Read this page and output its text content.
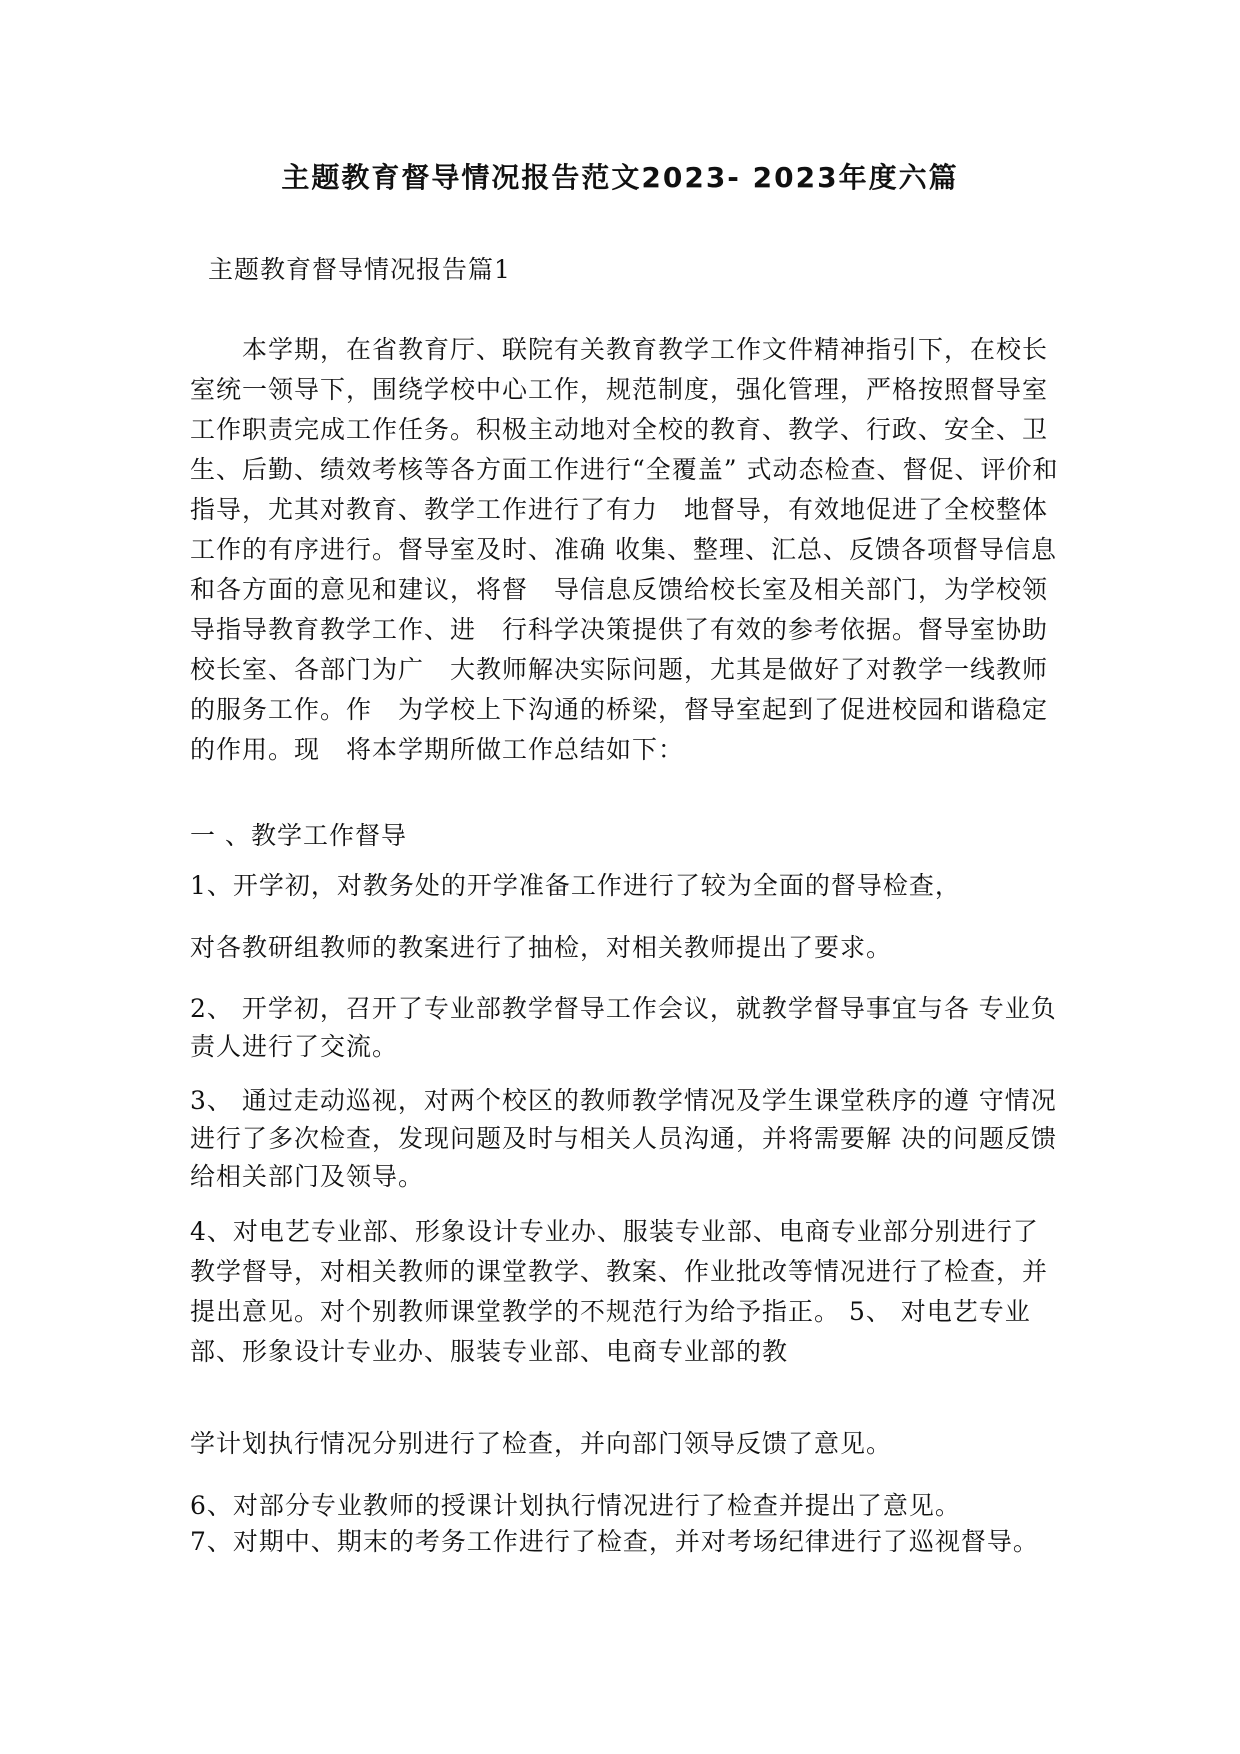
主题教育督导情况报告范文2023- 2023年度六篇
主题教育督导情况报告篇1
本学期，在省教育厅、联院有关教育教学工作文件精神指引下，在校长室统一领导下，围绕学校中心工作，规范制度，强化管理，严格按照督导室工作职责完成工作任务。积极主动地对全校的教育、教学、行政、安全、卫生、后勤、绩效考核等各方面工作进行“全覆盖” 式动态检查、督促、评价和指导，尤其对教育、教学工作进行了有力　地督导，有效地促进了全校整体工作的有序进行。督导室及时、准确 收集、整理、汇总、反馈各项督导信息和各方面的意见和建议，将督　导信息反馈给校长室及相关部门，为学校领导指导教育教学工作、进　行科学决策提供了有效的参考依据。督导室协助校长室、各部门为广　大教师解决实际问题，尤其是做好了对教学一线教师的服务工作。作　为学校上下沟通的桥梁，督导室起到了促进校园和谐稳定的作用。现　将本学期所做工作总结如下：
一 、教学工作督导
1、开学初，对教务处的开学准备工作进行了较为全面的督导检查，
对各教研组教师的教案进行了抽检，对相关教师提出了要求。
2、 开学初，召开了专业部教学督导工作会议，就教学督导事宜与各 专业负责人进行了交流。
3、 通过走动巡视，对两个校区的教师教学情况及学生课堂秩序的遵 守情况进行了多次检查，发现问题及时与相关人员沟通，并将需要解 决的问题反馈给相关部门及领导。
4、对电艺专业部、形象设计专业办、服装专业部、电商专业部分别进行了教学督导，对相关教师的课堂教学、教案、作业批改等情况进行了检查，并提出意见。对个别教师课堂教学的不规范行为给予指正。 5、 对电艺专业部、形象设计专业办、服装专业部、电商专业部的教
学计划执行情况分别进行了检查，并向部门领导反馈了意见。
6、对部分专业教师的授课计划执行情况进行了检查并提出了意见。
7、对期中、期末的考务工作进行了检查，并对考场纪律进行了巡视督导。
